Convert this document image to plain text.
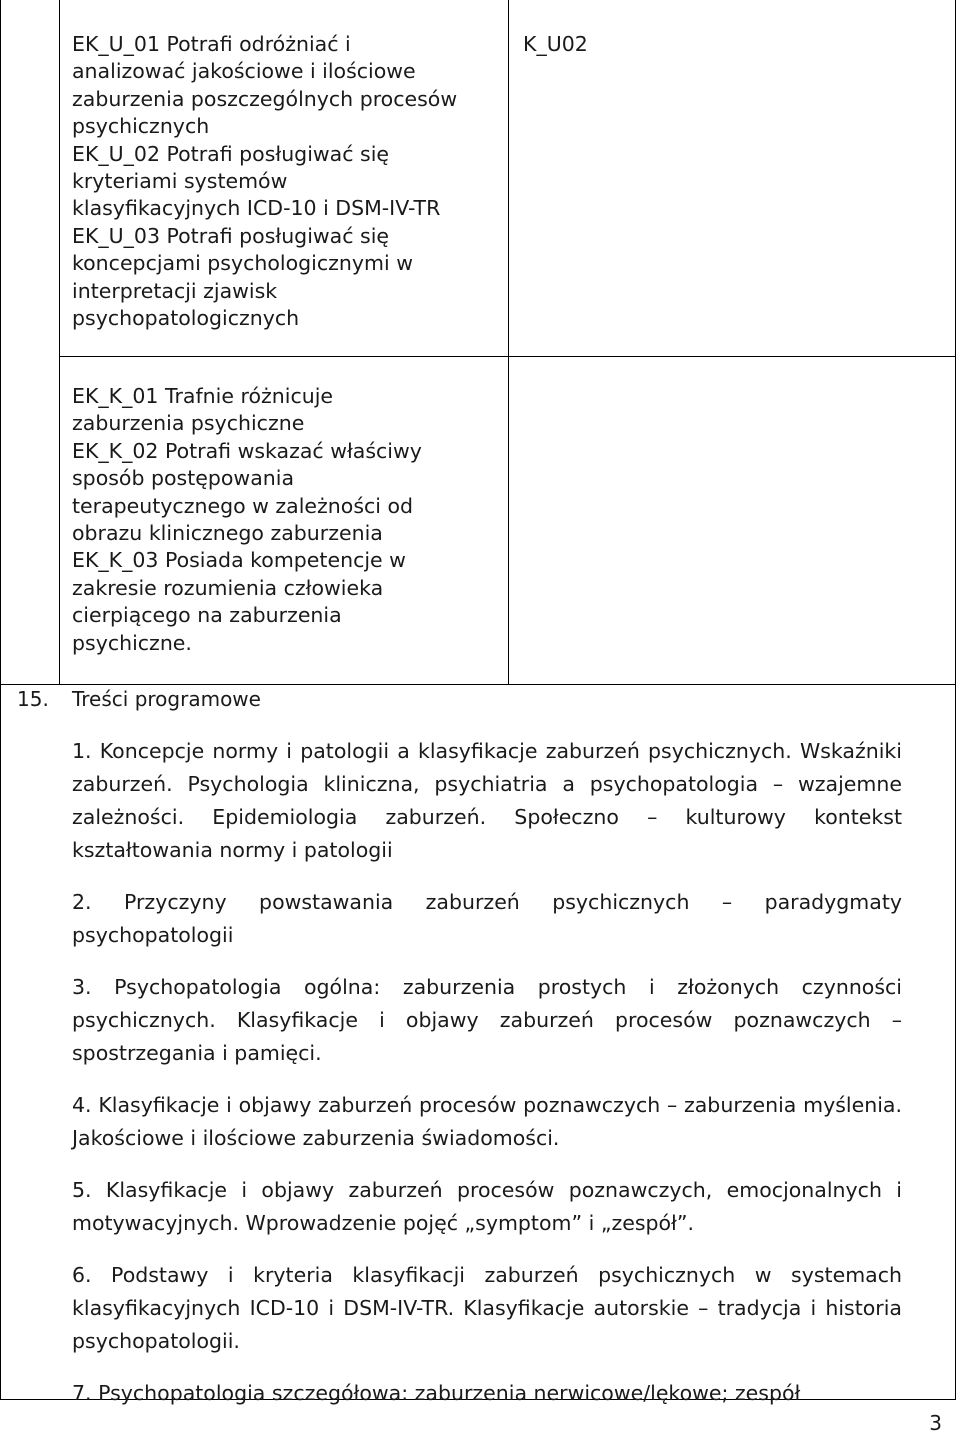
EK_U_01 Potrafi odróżniać i
analizować jakościowe i ilościowe
zaburzenia poszczególnych procesów
psychicznych
EK_U_02 Potrafi posługiwać się
kryteriami systemów
klasyfikacyjnych ICD-10 i DSM-IV-TR
EK_U_03 Potrafi posługiwać się
koncepcjami psychologicznymi w
interpretacji zjawisk
psychopatologicznych
K_U02
EK_K_01 Trafnie różnicuje
zaburzenia psychiczne
EK_K_02 Potrafi wskazać właściwy
sposób postępowania
terapeutycznego w zależności od
obrazu klinicznego zaburzenia
EK_K_03 Posiada kompetencje w
zakresie rozumienia człowieka
cierpiącego na zaburzenia
psychiczne.
15. Treści programowe

1. Koncepcje normy i patologii a klasyfikacje zaburzeń psychicznych. Wskaźniki zaburzeń. Psychologia kliniczna, psychiatria a psychopatologia – wzajemne zależności. Epidemiologia zaburzeń. Społeczno – kulturowy kontekst kształtowania normy i patologii

2. Przyczyny powstawania zaburzeń psychicznych – paradygmaty psychopatologii

3. Psychopatologia ogólna: zaburzenia prostych i złożonych czynności psychicznych. Klasyfikacje i objawy zaburzeń procesów poznawczych – spostrzegania i pamięci.

4. Klasyfikacje i objawy zaburzeń procesów poznawczych – zaburzenia myślenia. Jakościowe i ilościowe zaburzenia świadomości.

5. Klasyfikacje i objawy zaburzeń procesów poznawczych, emocjonalnych i motywacyjnych. Wprowadzenie pojęć „symptom” i „zespół”.

6. Podstawy i kryteria klasyfikacji zaburzeń psychicznych w systemach klasyfikacyjnych ICD-10 i DSM-IV-TR. Klasyfikacje autorskie – tradycja i historia psychopatologii.

7. Psychopatologia szczegółowa: zaburzenia nerwicowe/lękowe; zespół

3
